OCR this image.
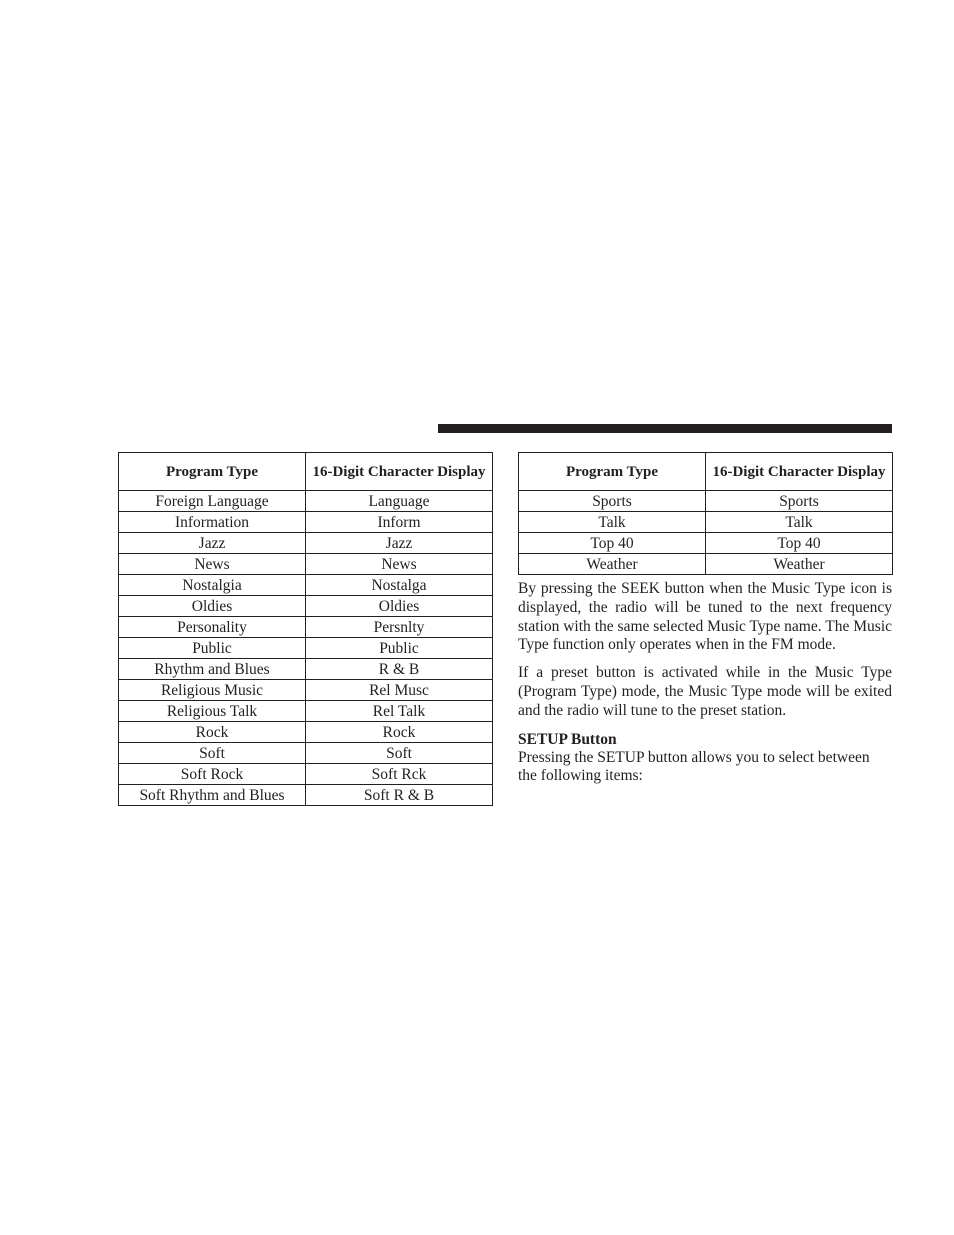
Program Type	16-Digit Character Display
Foreign Language	Language
Information	Inform
Jazz	Jazz
News	News
Nostalgia	Nostalga
Oldies	Oldies
Personality	Persnlty
Public	Public
Rhythm and Blues	R & B
Religious Music	Rel Musc
Religious Talk	Rel Talk
Rock	Rock
Soft	Soft
Soft Rock	Soft Rck
Soft Rhythm and Blues	Soft R & B
Program Type	16-Digit Character Display
Sports	Sports
Talk	Talk
Top 40	Top 40
Weather	Weather

By pressing the SEEK button when the Music Type icon is displayed, the radio will be tuned to the next frequency station with the same selected Music Type name. The Music Type function only operates when in the FM mode.

If a preset button is activated while in the Music Type (Program Type) mode, the Music Type mode will be exited and the radio will tune to the preset station.

SETUP Button

Pressing the SETUP button allows you to select between the following items:
